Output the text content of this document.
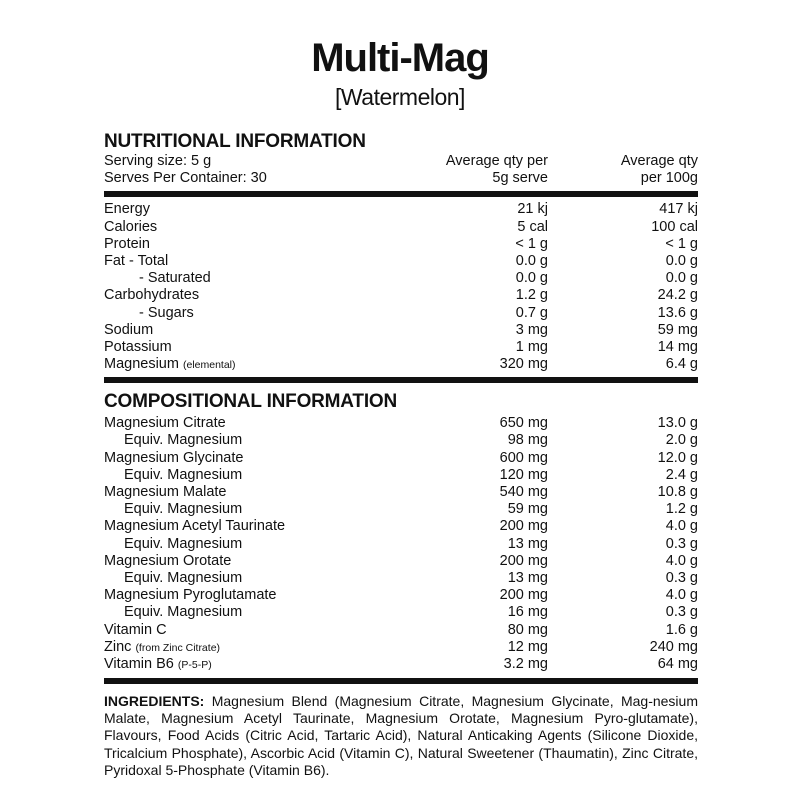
Multi-Mag
[Watermelon]
NUTRITIONAL INFORMATION
Serving size: 5 g	Average qty per	Average qty
Serves Per Container: 30	5g serve	per 100g
Energy	21 kj	417 kj
Calories	5 cal	100 cal
Protein	< 1 g	< 1 g
Fat - Total	0.0 g	0.0 g
- Saturated	0.0 g	0.0 g
Carbohydrates	1.2 g	24.2 g
- Sugars	0.7 g	13.6 g
Sodium	3 mg	59 mg
Potassium	1 mg	14 mg
Magnesium (elemental)	320 mg	6.4 g
COMPOSITIONAL INFORMATION
Magnesium Citrate	650 mg	13.0 g
Equiv. Magnesium	98 mg	2.0 g
Magnesium Glycinate	600 mg	12.0 g
Equiv. Magnesium	120 mg	2.4 g
Magnesium Malate	540 mg	10.8 g
Equiv. Magnesium	59 mg	1.2 g
Magnesium Acetyl Taurinate	200 mg	4.0 g
Equiv. Magnesium	13 mg	0.3 g
Magnesium Orotate	200 mg	4.0 g
Equiv. Magnesium	13 mg	0.3 g
Magnesium Pyroglutamate	200 mg	4.0 g
Equiv. Magnesium	16 mg	0.3 g
Vitamin C	80 mg	1.6 g
Zinc (from Zinc Citrate)	12 mg	240 mg
Vitamin B6 (P-5-P)	3.2 mg	64 mg
INGREDIENTS: Magnesium Blend (Magnesium Citrate, Magnesium Glycinate, Mag-nesium Malate, Magnesium Acetyl Taurinate, Magnesium Orotate, Magnesium Pyro-glutamate), Flavours, Food Acids (Citric Acid, Tartaric Acid), Natural Anticaking Agents (Silicone Dioxide, Tricalcium Phosphate), Ascorbic Acid (Vitamin C), Natural Sweetener (Thaumatin), Zinc Citrate, Pyridoxal 5-Phosphate (Vitamin B6).
